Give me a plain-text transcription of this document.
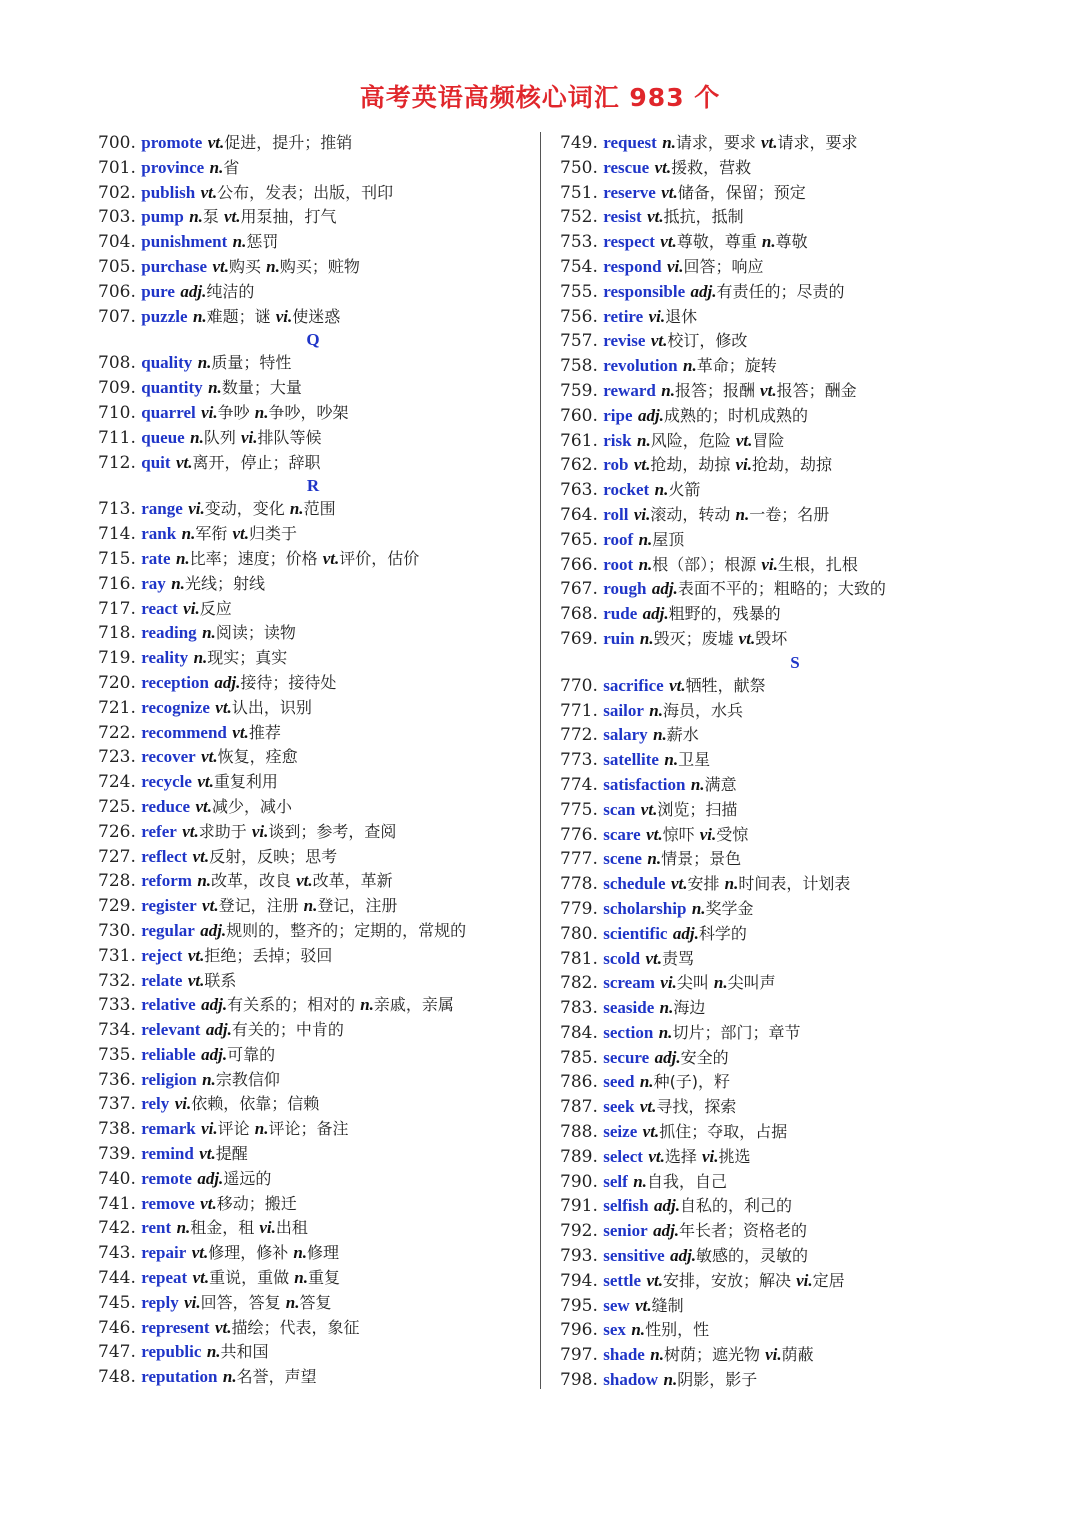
高考英语高频核心词汇 983 个
700. promote vt.促进，提升；推销
701. province n.省
702. publish vt.公布，发表；出版，刊印
703. pump n.泵 vt.用泵抽，打气
704. punishment n.惩罚
705. purchase vt.购买 n.购买；赃物
706. pure adj.纯洁的
707. puzzle n.难题；谜 vi.使迷惑
Q
708. quality n.质量；特性
709. quantity n.数量；大量
710. quarrel vi.争吵 n.争吵，吵架
711. queue n.队列 vi.排队等候
712. quit vt.离开，停止；辞职
R
713. range vi.变动，变化 n.范围
714. rank n.军衔 vt.归类于
715. rate n.比率；速度；价格 vt.评价，估价
716. ray n.光线；射线
717. react vi.反应
718. reading n.阅读；读物
719. reality n.现实；真实
720. reception adj.接待；接待处
721. recognize vt.认出，识别
722. recommend vt.推荐
723. recover vt.恢复，痊愈
724. recycle vt.重复利用
725. reduce vt.减少，减小
726. refer vt.求助于 vi.谈到；参考，查阅
727. reflect vt.反射，反映；思考
728. reform n.改革，改良 vt.改革，革新
729. register vt.登记，注册 n.登记，注册
730. regular adj.规则的，整齐的；定期的，常规的
731. reject vt.拒绝；丢掉；驳回
732. relate vt.联系
733. relative adj.有关系的；相对的 n.亲戚，亲属
734. relevant adj.有关的；中肯的
735. reliable adj.可靠的
736. religion n.宗教信仰
737. rely vi.依赖，依靠；信赖
738. remark vi.评论 n.评论；备注
739. remind vt.提醒
740. remote adj.遥远的
741. remove vt.移动；搬迁
742. rent n.租金，租 vi.出租
743. repair vt.修理，修补 n.修理
744. repeat vt.重说，重做 n.重复
745. reply vi.回答，答复 n.答复
746. represent vt.描绘；代表，象征
747. republic n.共和国
748. reputation n.名誉，声望
749. request n.请求，要求 vt.请求，要求
750. rescue vt.援救，营救
751. reserve vt.储备，保留；预定
752. resist vt.抵抗，抵制
753. respect vt.尊敬，尊重 n.尊敬
754. respond vi.回答；响应
755. responsible adj.有责任的；尽责的
756. retire vi.退休
757. revise vt.校订，修改
758. revolution n.革命；旋转
759. reward n.报答；报酬 vt.报答；酬金
760. ripe adj.成熟的；时机成熟的
761. risk n.风险，危险 vt.冒险
762. rob vt.抢劫，劫掠 vi.抢劫，劫掠
763. rocket n.火箭
764. roll vi.滚动，转动 n.一卷；名册
765. roof n.屋顶
766. root n.根（部）；根源 vi.生根，扎根
767. rough adj.表面不平的；粗略的；大致的
768. rude adj.粗野的，残暴的
769. ruin n.毁灭；废墟 vt.毁坏
S
770. sacrifice vt.牺牲，献祭
771. sailor n.海员，水兵
772. salary n.薪水
773. satellite n.卫星
774. satisfaction n.满意
775. scan vt.浏览；扫描
776. scare vt.惊吓 vi.受惊
777. scene n.情景；景色
778. schedule vt.安排 n.时间表，计划表
779. scholarship n.奖学金
780. scientific adj.科学的
781. scold vt.责骂
782. scream vi.尖叫 n.尖叫声
783. seaside n.海边
784. section n.切片；部门；章节
785. secure adj.安全的
786. seed n.种(子)，籽
787. seek vt.寻找，探索
788. seize vt.抓住；夺取，占据
789. select vt.选择 vi.挑选
790. self n.自我，自己
791. selfish adj.自私的，利己的
792. senior adj.年长者；资格老的
793. sensitive adj.敏感的，灵敏的
794. settle vt.安排，安放；解决 vi.定居
795. sew vt.缝制
796. sex n.性别，性
797. shade n.树荫；遮光物 vi.荫蔽
798. shadow n.阴影，影子
